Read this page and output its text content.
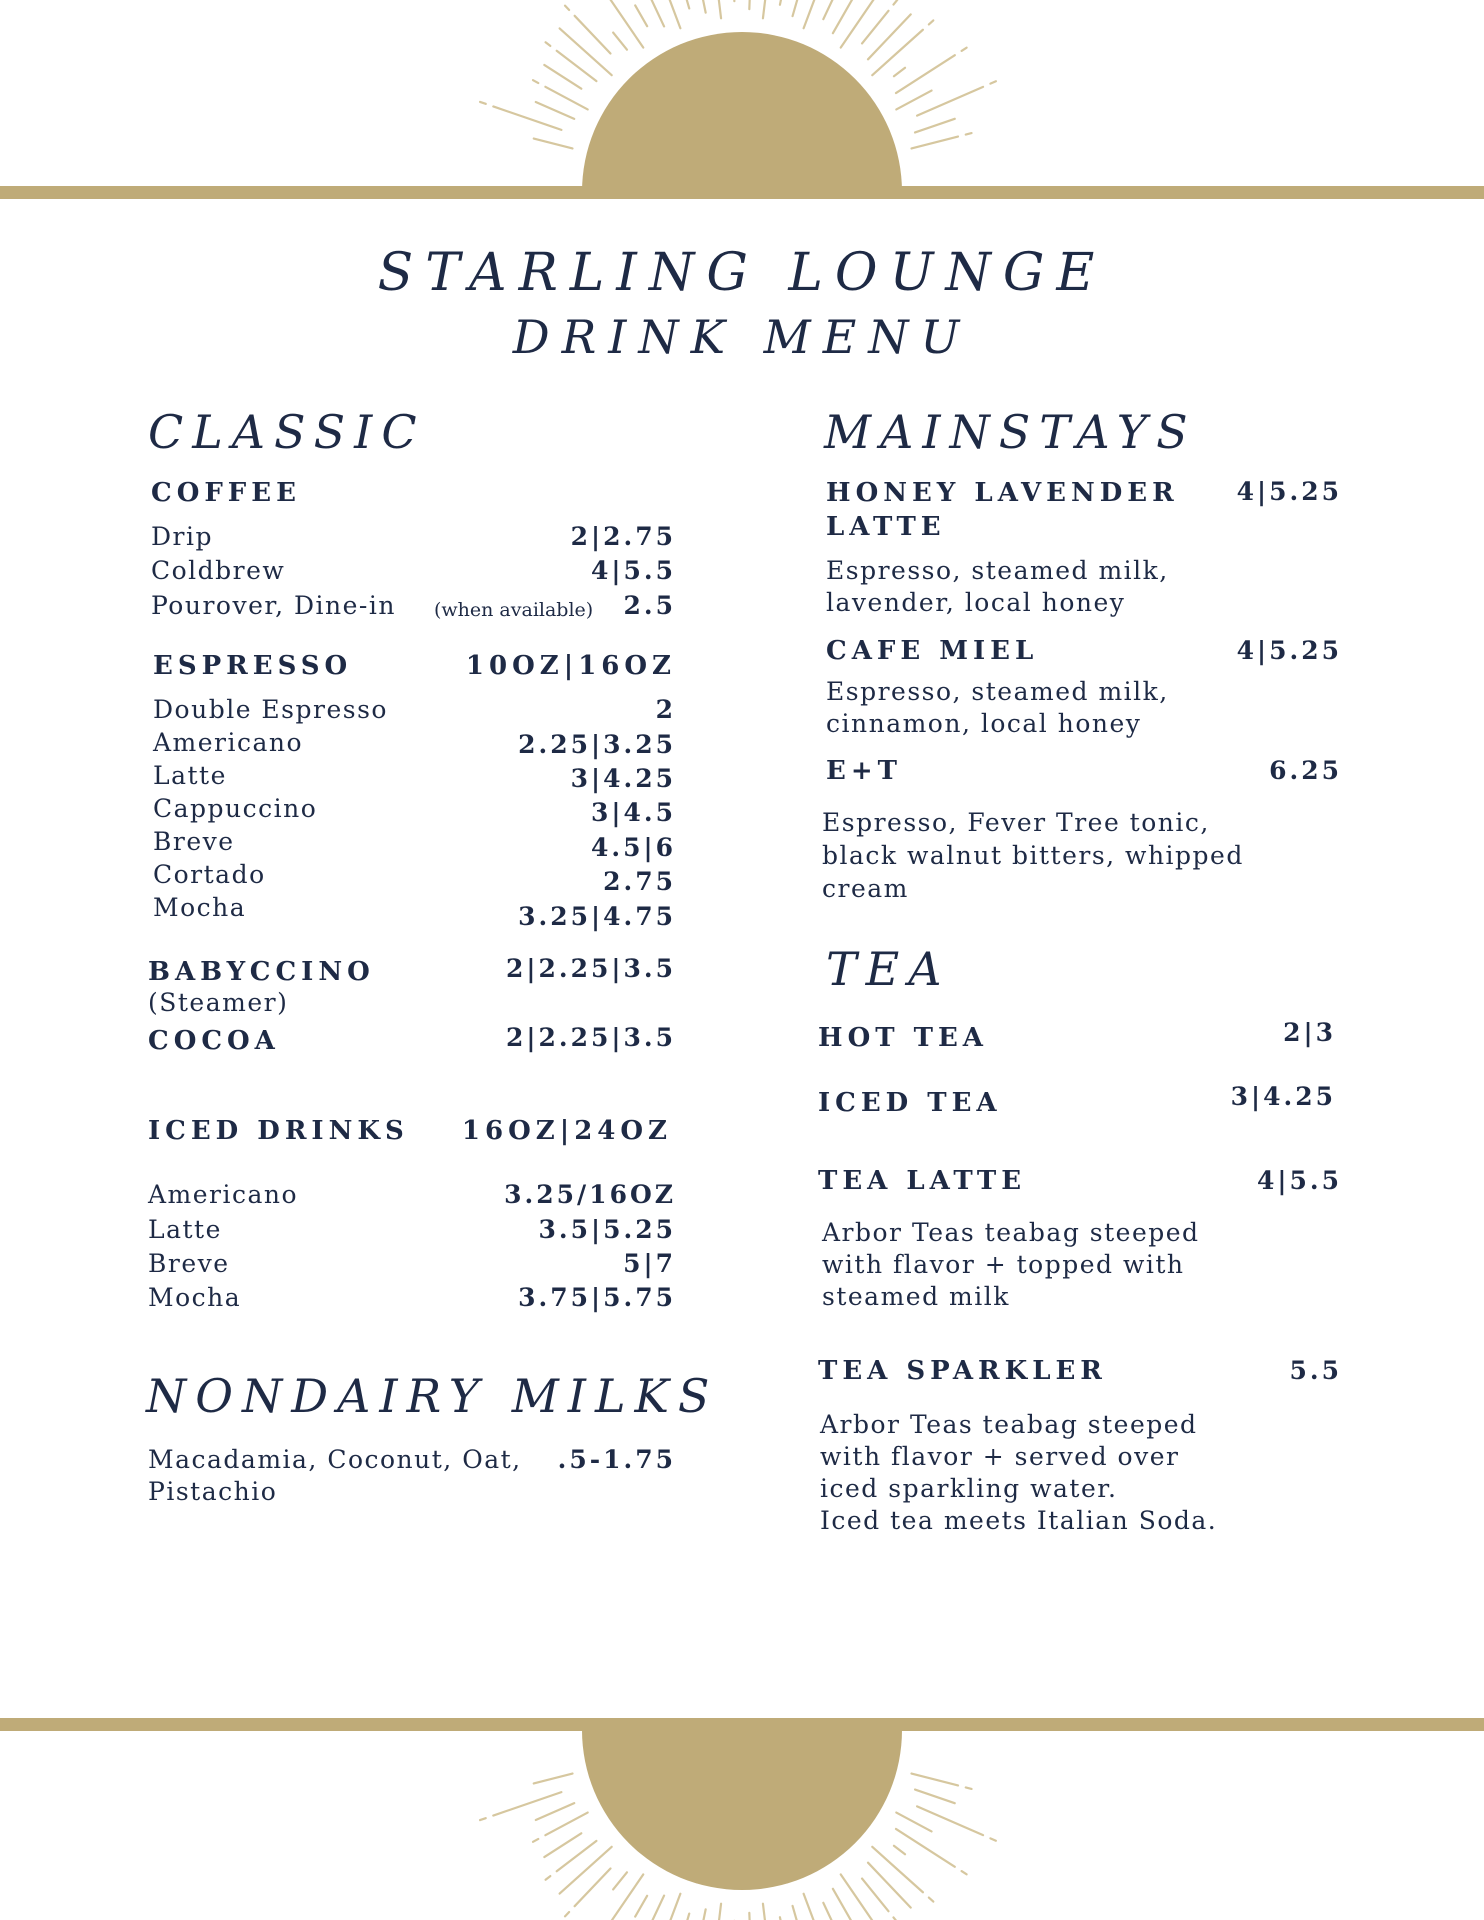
STARLING LOUNGE
DRINK MENU
CLASSIC
COFFEE
Drip	2|2.75
Coldbrew	4|5.5
Pourover, Dine-in (when available) 2.5
ESPRESSO	10OZ|16OZ
Double Espresso	2
Americano	2.25|3.25
Latte	3|4.25
Cappuccino	3|4.5
Breve	4.5|6
Cortado	2.75
Mocha	3.25|4.75
BABYCCINO	2|2.25|3.5
(Steamer)
COCOA	2|2.25|3.5
ICED DRINKS 16OZ|24OZ
Americano	3.25/16OZ
Latte	3.5|5.25
Breve	5|7
Mocha	3.75|5.75
NONDAIRY MILKS
Macadamia, Coconut, Oat,
Pistachio
.5-1.75
MAINSTAYS
HONEY LAVENDER
LATTE
4|5.25
Espresso, steamed milk,
lavender, local honey
CAFE MIEL	4|5.25
Espresso, steamed milk,
cinnamon, local honey
E+T	6.25
Espresso, Fever Tree tonic,
black walnut bitters, whipped
cream
TEA
HOT TEA	2|3
ICED TEA	3|4.25
TEA LATTE	4|5.5
Arbor Teas teabag steeped
with flavor + topped with
steamed milk
TEA SPARKLER	5.5
Arbor Teas teabag steeped
with flavor + served over
iced sparkling water.
Iced tea meets Italian Soda.
